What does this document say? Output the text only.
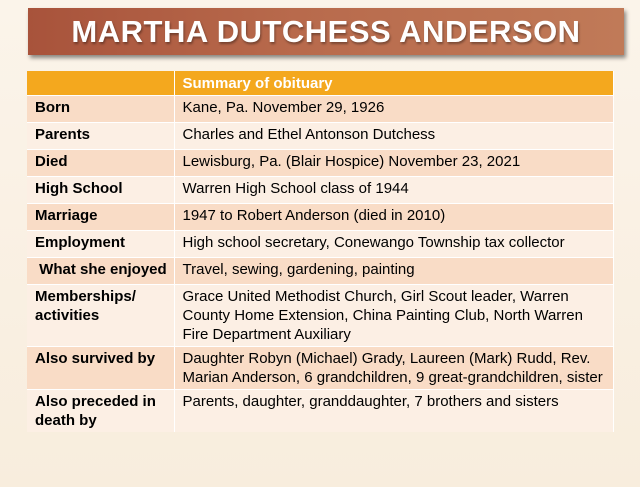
MARTHA DUTCHESS ANDERSON
	Summary of obituary
Born	Kane, Pa. November 29, 1926
Parents	Charles and Ethel Antonson Dutchess
Died	Lewisburg, Pa. (Blair Hospice) November 23, 2021
High School	Warren High School class of 1944
Marriage	1947 to Robert Anderson (died in 2010)
Employment	High school secretary, Conewango Township tax collector
What she enjoyed	Travel, sewing, gardening, painting
Memberships/ activities	Grace United Methodist Church, Girl Scout leader, Warren County Home Extension, China Painting Club, North Warren Fire Department Auxiliary
Also survived by	Daughter Robyn (Michael) Grady, Laureen (Mark) Rudd, Rev. Marian Anderson, 6 grandchildren, 9 great-grandchildren, sister
Also preceded in death by	Parents, daughter, granddaughter, 7 brothers and sisters
